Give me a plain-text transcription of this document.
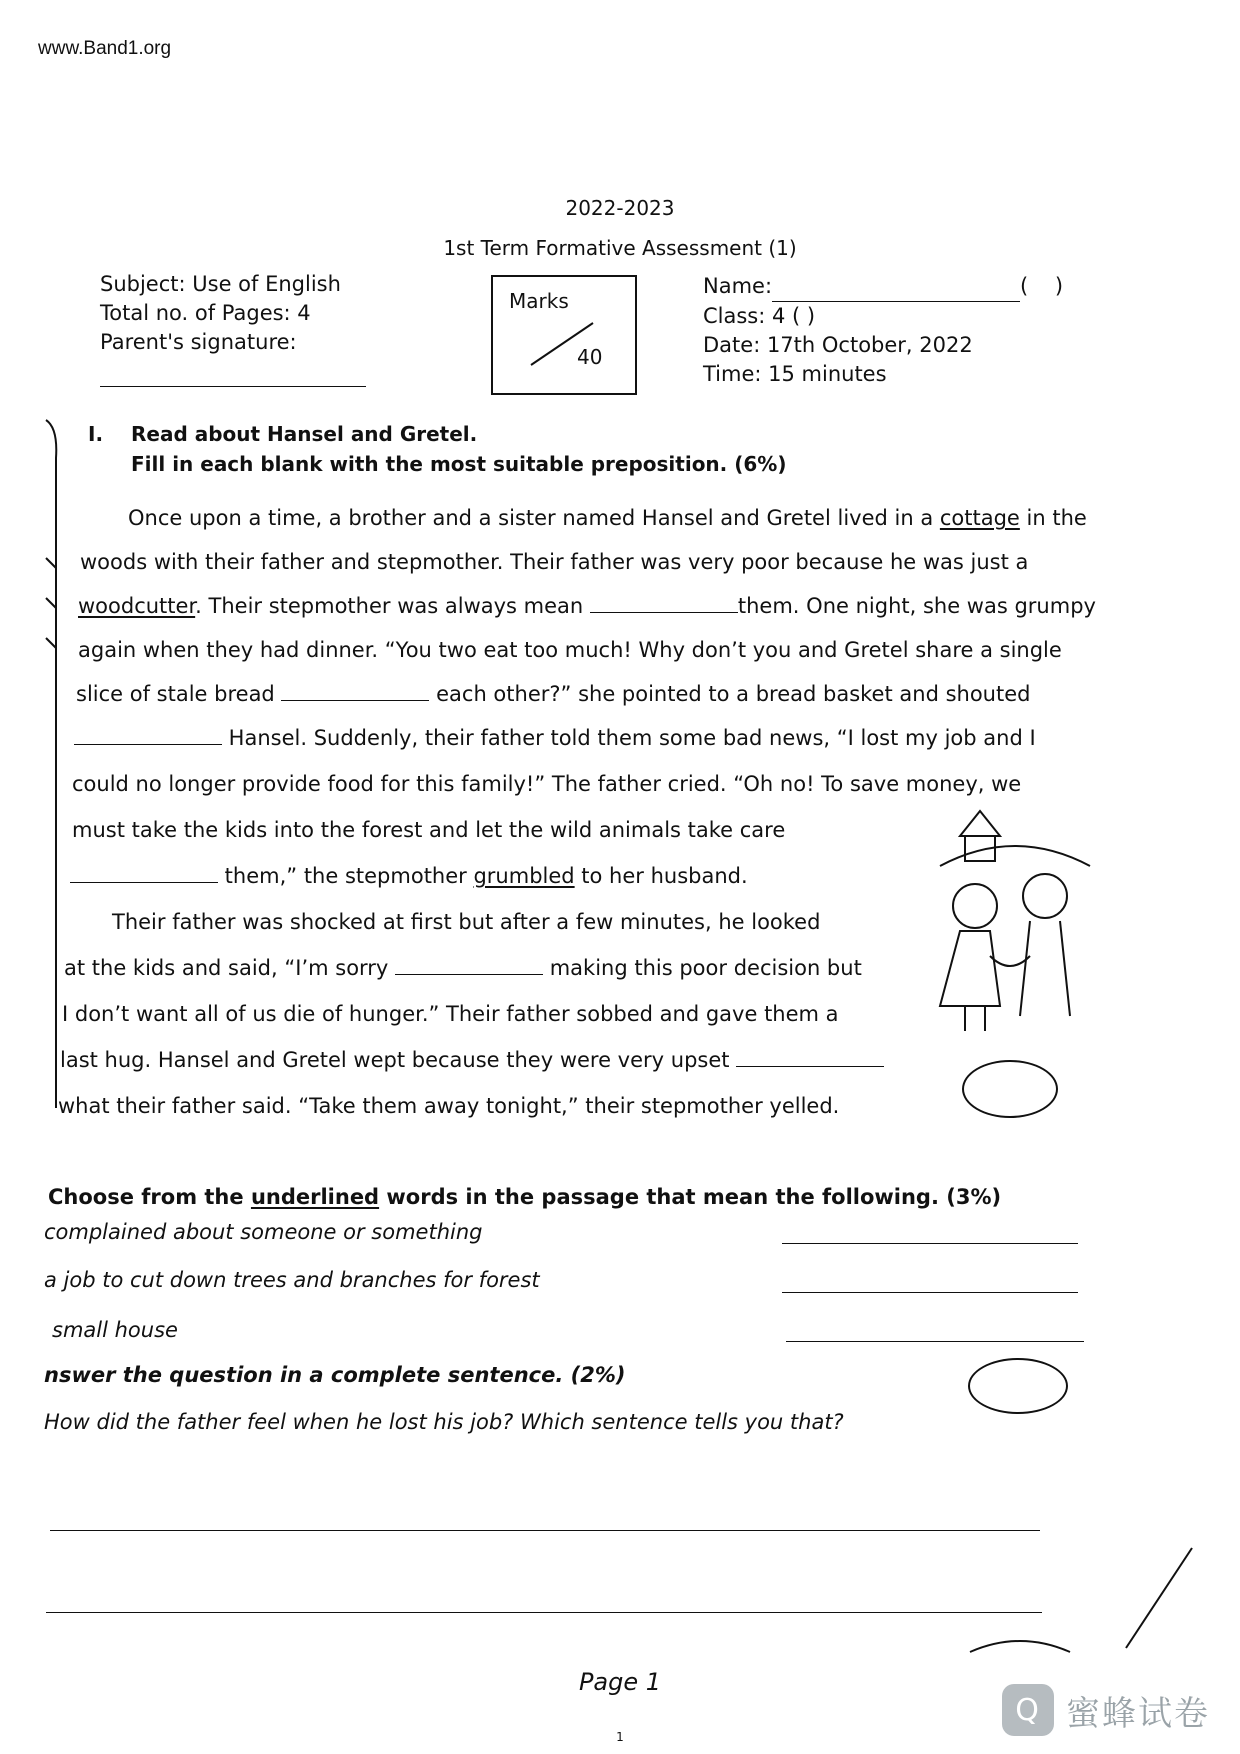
www.Band1.org
2022-2023
1st Term Formative Assessment (1)
Subject: Use of English
Total no. of Pages: 4
Parent's signature:
Marks
40
Name:	(    )
Class: 4 ( )
Date: 17th October, 2022
Time: 15 minutes
I. Read about Hansel and Gretel.
Fill in each blank with the most suitable preposition. (6%)
Once upon a time, a brother and a sister named Hansel and Gretel lived in a cottage in the
woods with their father and stepmother. Their father was very poor because he was just a
woodcutter. Their stepmother was always mean	them. One night, she was grumpy
again when they had dinner. “You two eat too much! Why don’t you and Gretel share a single
slice of stale bread	each other?” she pointed to a bread basket and shouted
Hansel. Suddenly, their father told them some bad news, “I lost my job and I
could no longer provide food for this family!” The father cried. “Oh no! To save money, we
must take the kids into the forest and let the wild animals take care
them,” the stepmother grumbled to her husband.
Their father was shocked at first but after a few minutes, he looked
at the kids and said, “I’m sorry	making this poor decision but
I don’t want all of us die of hunger.” Their father sobbed and gave them a
last hug. Hansel and Gretel wept because they were very upset
what their father said. “Take them away tonight,” their stepmother yelled.
Choose from the underlined words in the passage that mean the following. (3%)
complained about someone or something
a job to cut down trees and branches for forest
small house
nswer the question in a complete sentence. (2%)
How did the father feel when he lost his job? Which sentence tells you that?
Page 1
1
Q 蜜蜂试卷
